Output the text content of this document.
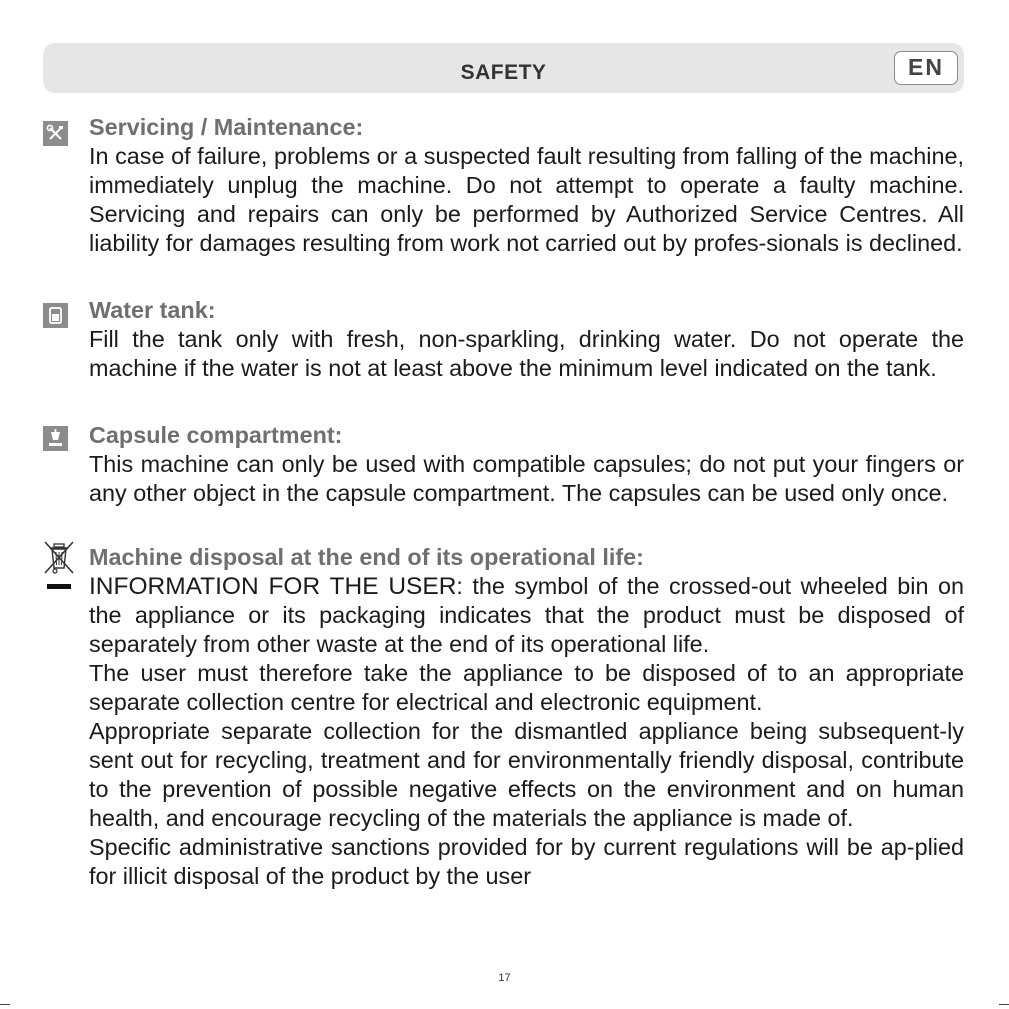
SAFETY	EN
Servicing / Maintenance:

In case of failure, problems or a suspected fault resulting from falling of the machine, immediately unplug the machine. Do not attempt to operate a faulty machine. Servicing and repairs can only be performed by Authorized Service Centres. All liability for damages resulting from work not carried out by profes-sionals is declined.

Water tank:

Fill the tank only with fresh, non-sparkling, drinking water. Do not operate the machine if the water is not at least above the minimum level indicated on the tank.

Capsule compartment:

This machine can only be used with compatible capsules; do not put your fingers or any other object in the capsule compartment. The capsules can be used only once.

Machine disposal at the end of its operational life:

INFORMATION FOR THE USER: the symbol of the crossed-out wheeled bin on the appliance or its packaging indicates that the product must be disposed of separately from other waste at the end of its operational life.

The user must therefore take the appliance to be disposed of to an appropriate separate collection centre for electrical and electronic equipment.

Appropriate separate collection for the dismantled appliance being subsequent-ly sent out for recycling, treatment and for environmentally friendly disposal, contribute to the prevention of possible negative effects on the environment and on human health, and encourage recycling of the materials the appliance is made of.

Specific administrative sanctions provided for by current regulations will be ap-plied for illicit disposal of the product by the user

17
